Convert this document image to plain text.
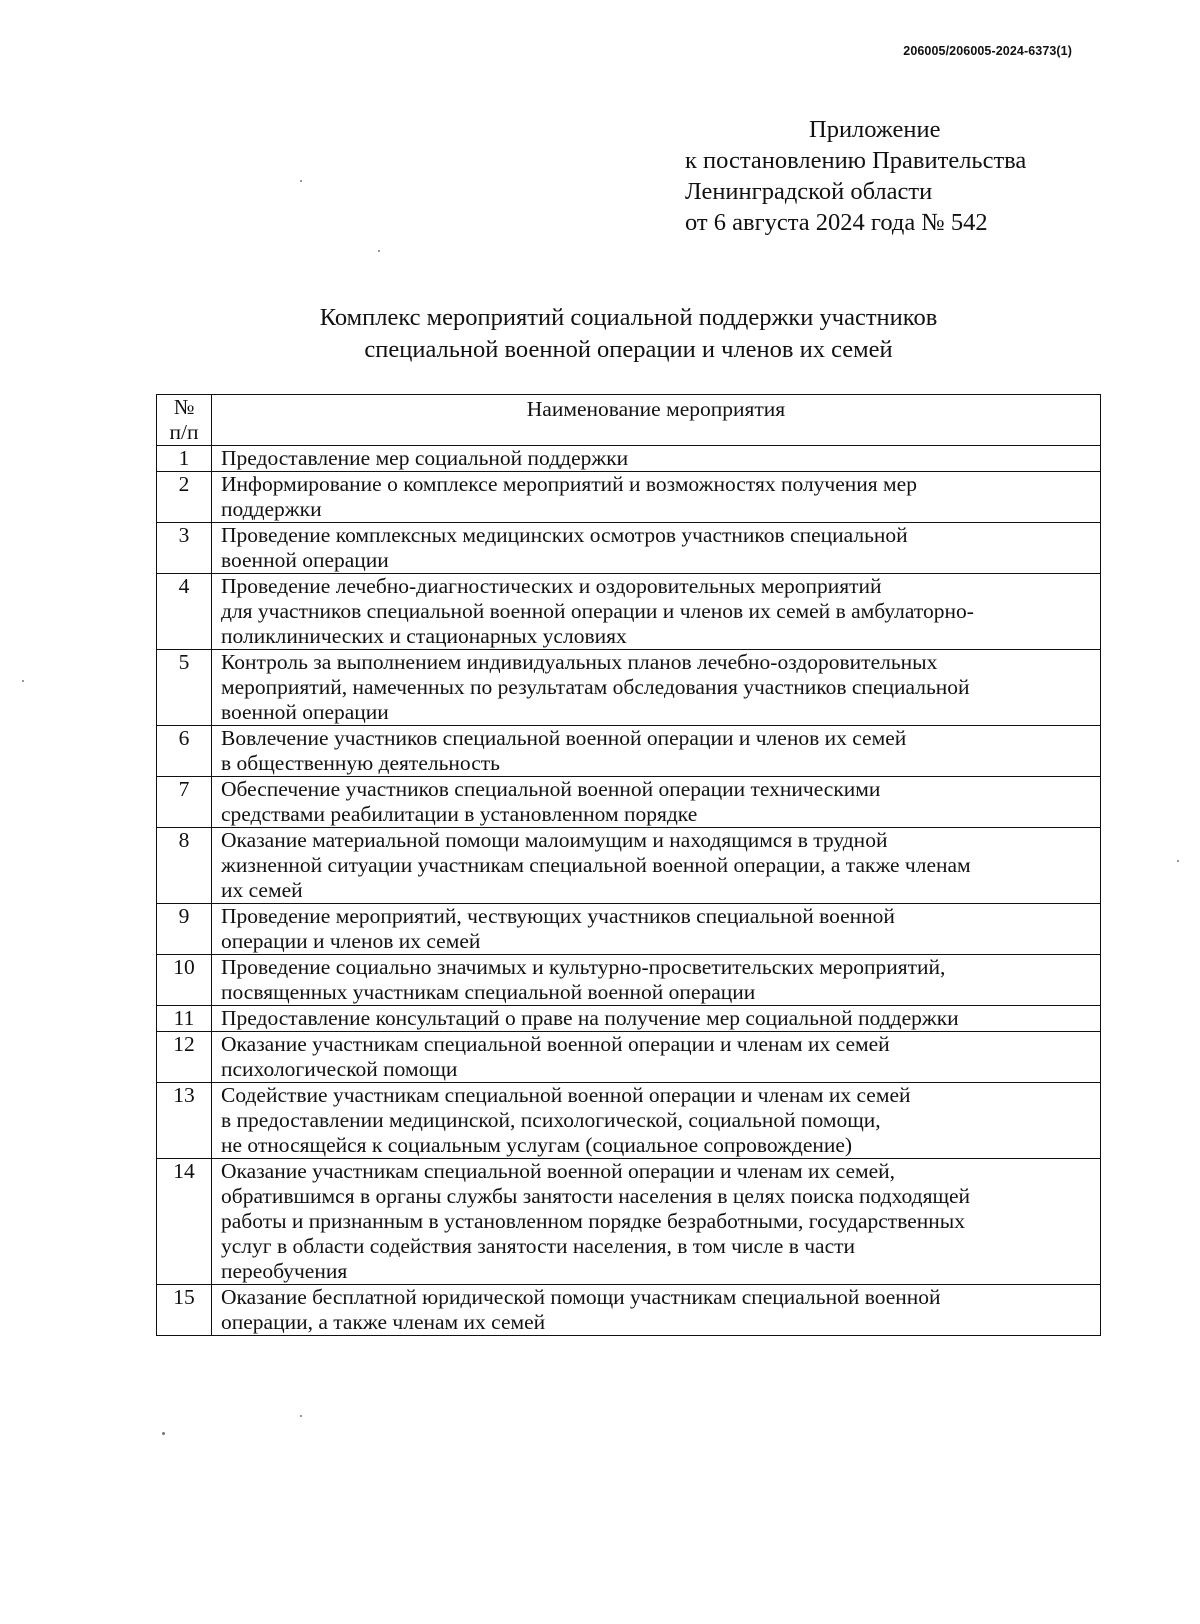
206005/206005-2024-6373(1)
Приложение
к постановлению Правительства
Ленинградской области
от 6 августа 2024 года № 542
Комплекс мероприятий социальной поддержки участников
специальной военной операции и членов их семей
№
п/п	Наименование мероприятия
1	Предоставление мер социальной поддержки

2	Информирование о комплексе мероприятий и возможностях получения мер
поддержки

3	Проведение комплексных медицинских осмотров участников специальной
военной операции

4	Проведение лечебно-диагностических и оздоровительных мероприятий
для участников специальной военной операции и членов их семей в амбулаторно-
поликлинических и стационарных условиях

5	Контроль за выполнением индивидуальных планов лечебно-оздоровительных
мероприятий, намеченных по результатам обследования участников специальной
военной операции

6	Вовлечение участников специальной военной операции и членов их семей
в общественную деятельность

7	Обеспечение участников специальной военной операции техническими
средствами реабилитации в установленном порядке

8	Оказание материальной помощи малоимущим и находящимся в трудной
жизненной ситуации участникам специальной военной операции, а также членам
их семей

9	Проведение мероприятий, чествующих участников специальной военной
операции и членов их семей

10	Проведение социально значимых и культурно-просветительских мероприятий,
посвященных участникам специальной военной операции

11	Предоставление консультаций о праве на получение мер социальной поддержки

12	Оказание участникам специальной военной операции и членам их семей
психологической помощи

13	Содействие участникам специальной военной операции и членам их семей
в предоставлении медицинской, психологической, социальной помощи,
не относящейся к социальным услугам (социальное сопровождение)

14	Оказание участникам специальной военной операции и членам их семей,
обратившимся в органы службы занятости населения в целях поиска подходящей
работы и признанным в установленном порядке безработными, государственных
услуг в области содействия занятости населения, в том числе в части
переобучения

15	Оказание бесплатной юридической помощи участникам специальной военной
операции, а также членам их семей
